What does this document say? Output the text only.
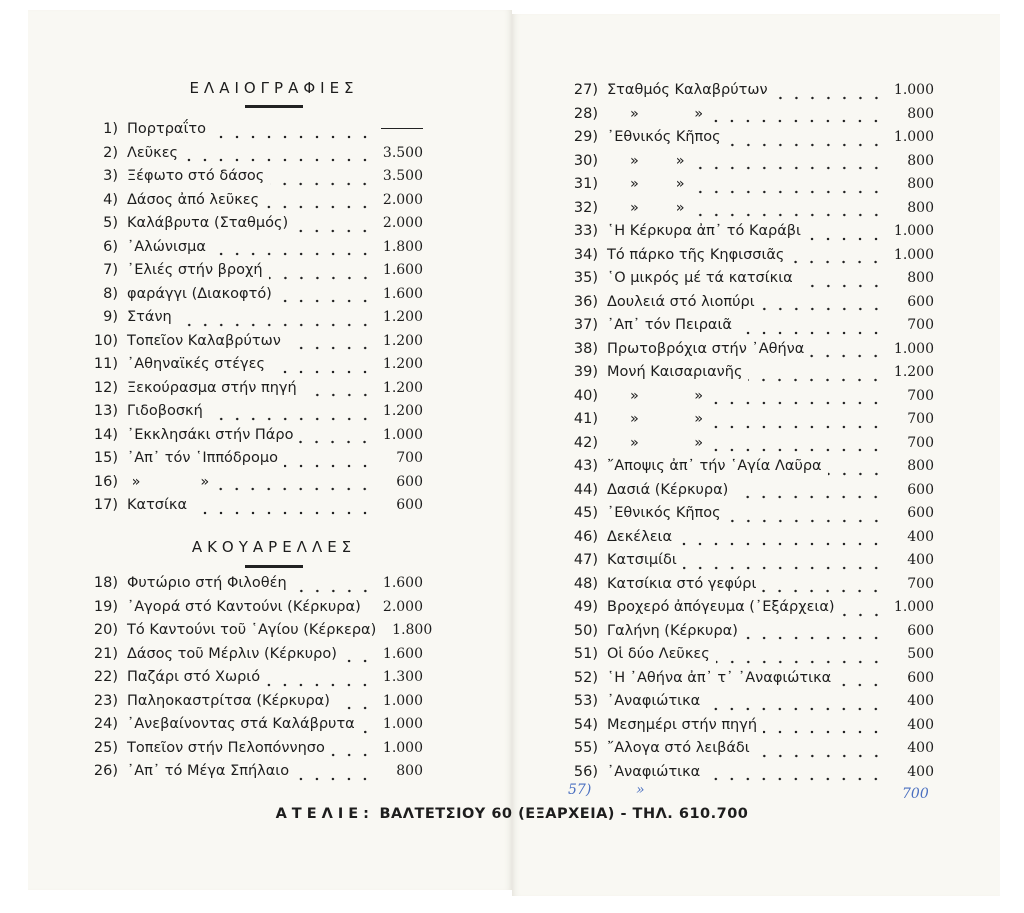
ΕΛΑΙΟΓΡΑΦΙΕΣ
1) Πορτραΐτο
2) Λεῦκες	3.500
3) Ξέφωτο στό δάσος	3.500
4) Δάσος ἀπό λεῦκες	2.000
5) Καλάβρυτα (Σταθμός)	2.000
6) ᾿Αλώνισμα	1.800
7) ᾿Ελιές στήν βροχή	1.600
8) φαράγγι (Διακοφτό)	1.600
9) Στάνη	1.200
10) Τοπεῖον Καλαβρύτων	1.200
11) ᾿Αθηναϊκές στέγες	1.200
12) Ξεκούρασμα στήν πηγή	1.200
13) Γιδοβοσκή	1.200
14) ᾿Εκκλησάκι στήν Πάρο	1.000
15) ᾿Απ᾿ τόν ῾Ιππόδρομο	700
16) »             »	600
17) Κατσίκα	600
ΑΚΟΥΑΡΕΛΛΕΣ
18) Φυτώριο στή Φιλοθέη	1.600
19) ᾿Αγορά στό Καντούνι (Κέρκυρα) 2.000
20) Τό Καντούνι τοῦ ῾Αγίου (Κέρκερα) 1.800
21) Δάσος τοῦ Μέρλιν (Κέρκυρο)	1.600
22) Παζάρι στό Χωριό	1.300
23) Παληοκαστρίτσα (Κέρκυρα)	1.000
24) ᾿Ανεβαίνοντας στά Καλάβρυτα 1.000
25) Τοπεῖον στήν Πελοπόννησο	1.000
26) ᾿Απ᾿ τό Μέγα Σπήλαιο	800
27) Σταθμός Καλαβρύτων	1.000
28) »            »	800
29) ᾿Εθνικός Κῆπος	1.000
30) »        »	800
31) »        »	800
32) »        »	800
33) ῾Η Κέρκυρα ἀπ᾿ τό Καράβι	1.000
34) Τό πάρκο τῆς Κηφισσιᾶς	1.000
35) ῾Ο μικρός μέ τά κατσίκια	800
36) Δουλειά στό λιοπύρι	600
37) ᾿Απ᾿ τόν Πειραιᾶ	700
38) Πρωτοβρόχια στήν ᾿Αθήνα	1.000
39) Μονή Καισαριανῆς	1.200
40) »            »	700
41) »            »	700
42) »            »	700
43) ῎Αποψις ἀπ᾿ τήν ῾Αγία Λαῦρα	800
44) Δασιά (Κέρκυρα)	600
45) ᾿Εθνικός Κῆπος	600
46) Δεκέλεια	400
47) Κατσιμίδι	400
48) Κατσίκια στό γεφύρι	700
49) Βροχερό ἀπόγευμα (᾿Εξάρχεια)	1.000
50) Γαλήνη (Κέρκυρα)	600
51) Οἱ δύο Λεῦκες	500
52) ῾Η ᾿Αθήνα ἀπ᾿ τ᾿ ᾿Αναφιώτικα	600
53) ᾿Αναφιώτικα	400
54) Μεσημέρι στήν πηγή	400
55) ῎Αλογα στό λειβάδι	400
56) ᾿Αναφιώτικα	400
57)	»	700
ΑΤΕΛΙΕ: ΒΑΛΤΕΤΣΙΟΥ 60 (ΕΞΑΡΧΕΙΑ) - ΤΗΛ. 610.700
